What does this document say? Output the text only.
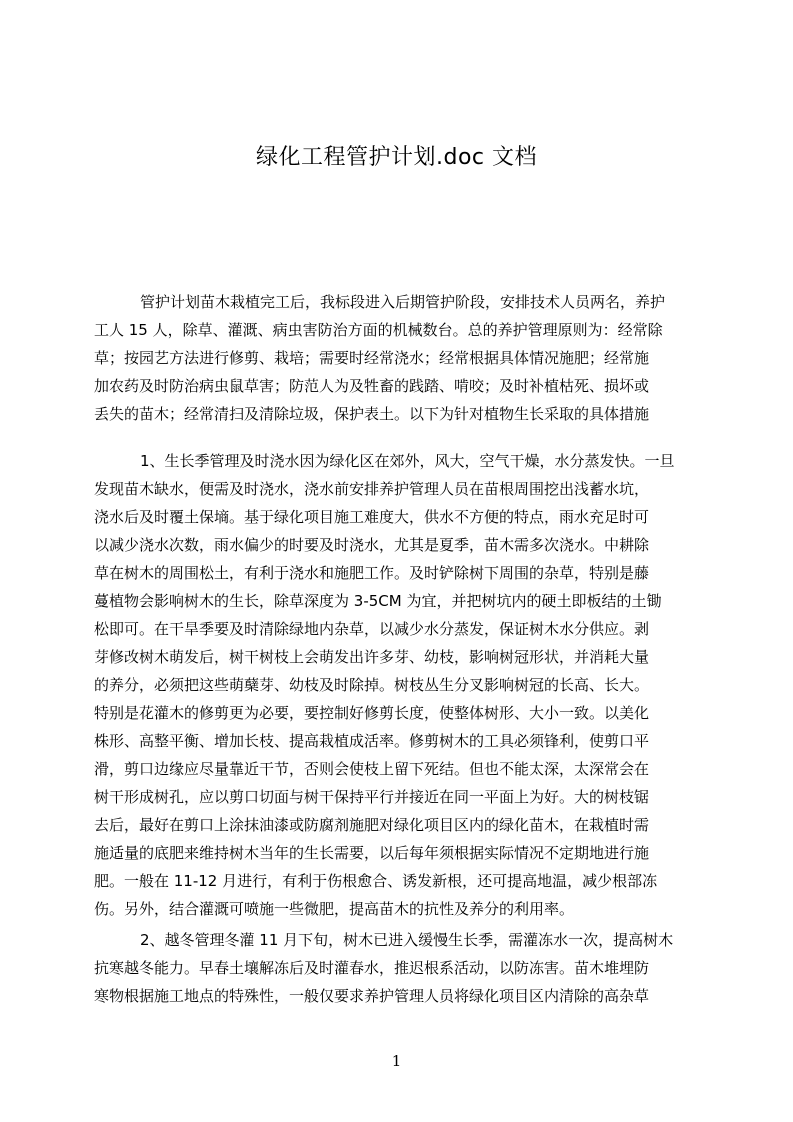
绿化工程管护计划.doc 文档
管护计划苗木栽植完工后，我标段进入后期管护阶段，安排技术人员两名，养护
工人 15 人，除草、灌溉、病虫害防治方面的机械数台。总的养护管理原则为：经常除
草；按园艺方法进行修剪、栽培；需要时经常浇水；经常根据具体情况施肥；经常施
加农药及时防治病虫鼠草害；防范人为及牲畜的践踏、啃咬；及时补植枯死、损坏或
丢失的苗木；经常清扫及清除垃圾，保护表土。以下为针对植物生长采取的具体措施
1、生长季管理及时浇水因为绿化区在郊外，风大，空气干燥，水分蒸发快。一旦
发现苗木缺水，便需及时浇水，浇水前安排养护管理人员在苗根周围挖出浅蓄水坑，
浇水后及时覆土保墒。基于绿化项目施工难度大，供水不方便的特点，雨水充足时可
以减少浇水次数，雨水偏少的时要及时浇水，尤其是夏季，苗木需多次浇水。中耕除
草在树木的周围松土，有利于浇水和施肥工作。及时铲除树下周围的杂草，特别是藤
蔓植物会影响树木的生长，除草深度为 3-5CM 为宜，并把树坑内的硬土即板结的土锄
松即可。在干旱季要及时清除绿地内杂草，以减少水分蒸发，保证树木水分供应。剥
芽修改树木萌发后，树干树枝上会萌发出许多芽、幼枝，影响树冠形状，并消耗大量
的养分，必须把这些萌蘖芽、幼枝及时除掉。树枝丛生分叉影响树冠的长高、长大。
特别是花灌木的修剪更为必要，要控制好修剪长度，使整体树形、大小一致。以美化
株形、高整平衡、增加长枝、提高栽植成活率。修剪树木的工具必须锋利，使剪口平
滑，剪口边缘应尽量靠近干节，否则会使枝上留下死结。但也不能太深，太深常会在
树干形成树孔，应以剪口切面与树干保持平行并接近在同一平面上为好。大的树枝锯
去后，最好在剪口上涂抹油漆或防腐剂施肥对绿化项目区内的绿化苗木，在栽植时需
施适量的底肥来维持树木当年的生长需要，以后每年须根据实际情况不定期地进行施
肥。一般在 11-12 月进行，有利于伤根愈合、诱发新根，还可提高地温，减少根部冻
伤。另外，结合灌溉可喷施一些微肥，提高苗木的抗性及养分的利用率。
2、越冬管理冬灌 11 月下旬，树木已进入缓慢生长季，需灌冻水一次，提高树木
抗寒越冬能力。早春土壤解冻后及时灌春水，推迟根系活动，以防冻害。苗木堆埋防
寒物根据施工地点的特殊性，一般仅要求养护管理人员将绿化项目区内清除的高杂草
1
